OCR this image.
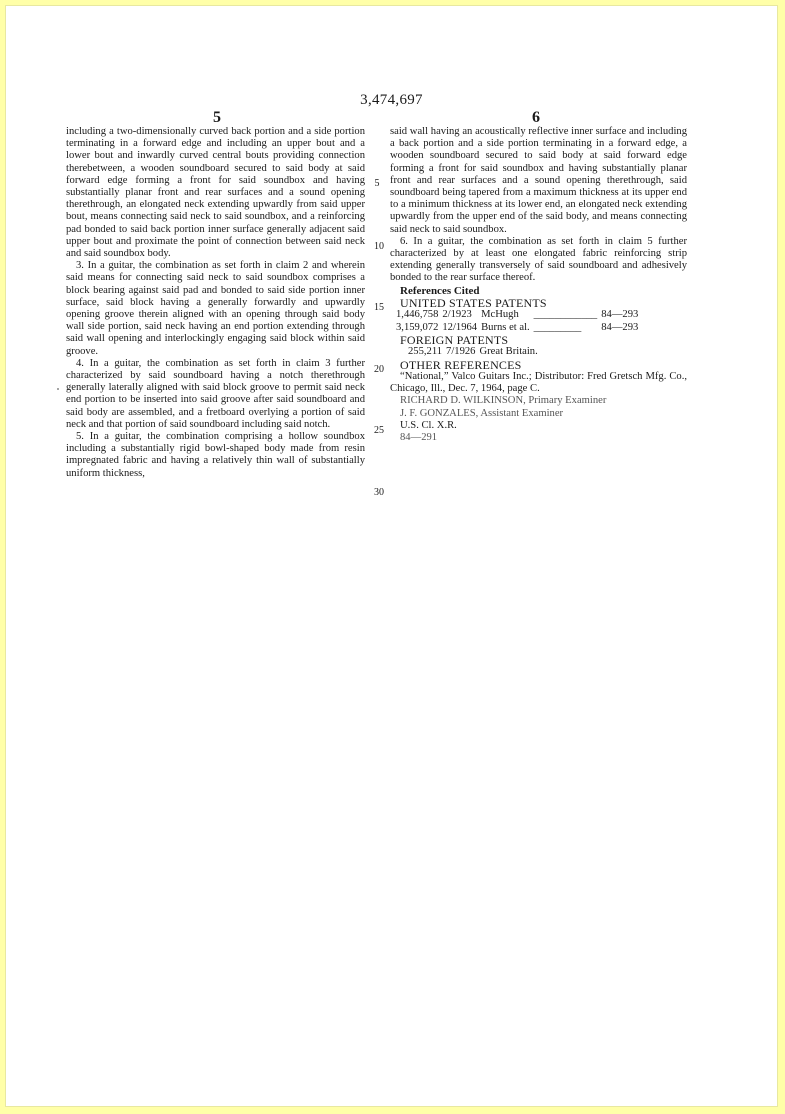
3,474,697
5	6

including a two-dimensionally curved back portion and a side portion terminating in a forward edge and including an upper bout and a lower bout and inwardly curved central bouts providing connection therebetween, a wooden soundboard secured to said body at said forward edge forming a front for said soundbox and having substantially planar front and rear surfaces and a sound opening therethrough, an elongated neck extending upwardly from said upper bout, means connecting said neck to said soundbox, and a reinforcing pad bonded to said back portion inner surface generally adjacent said upper bout and proximate the point of connection between said neck and said soundbox body.

3. In a guitar, the combination as set forth in claim 2 and wherein said means for connecting said neck to said soundbox comprises a block bearing against said pad and bonded to said side portion inner surface, said block having a generally forwardly and upwardly opening groove therein aligned with an opening through said body wall side portion, said neck having an end portion extending through said wall opening and interlockingly engaging said block within said groove.

4. In a guitar, the combination as set forth in claim 3 further characterized by said soundboard having a notch therethrough generally laterally aligned with said block groove to permit said neck end portion to be inserted into said groove after said soundboard and said body are assembled, and a fretboard overlying a portion of said neck and that portion of said soundboard including said notch.

5. In a guitar, the combination comprising a hollow soundbox including a substantially rigid bowl-shaped body made from resin impregnated fabric and having a relatively thin wall of substantially uniform thickness,

5
10
15
20
25
30

said wall having an acoustically reflective inner surface and including a back portion and a side portion terminating in a forward edge, a wooden soundboard secured to said body at said forward edge forming a front for said soundbox and having substantially planar front and rear surfaces and a sound opening therethrough, said soundboard being tapered from a maximum thickness at its upper end to a minimum thickness at its lower end, an elongated neck extending upwardly from the upper end of the said body, and means connecting said neck to said soundbox.

6. In a guitar, the combination as set forth in claim 5 further characterized by at least one elongated fabric reinforcing strip extending generally transversely of said soundboard and adhesively bonded to the rear surface thereof.

References Cited

UNITED STATES PATENTS

1,446,758	2/1923	McHugh	____________	84—293
3,159,072	12/1964	Burns et al.	_________	84—293

FOREIGN PATENTS

255,211	7/1926	Great Britain.

OTHER REFERENCES

“National,” Valco Guitars Inc.; Distributor: Fred Gretsch Mfg. Co., Chicago, Ill., Dec. 7, 1964, page C.

RICHARD D. WILKINSON, Primary Examiner

J. F. GONZALES, Assistant Examiner

U.S. Cl. X.R.

84—291
